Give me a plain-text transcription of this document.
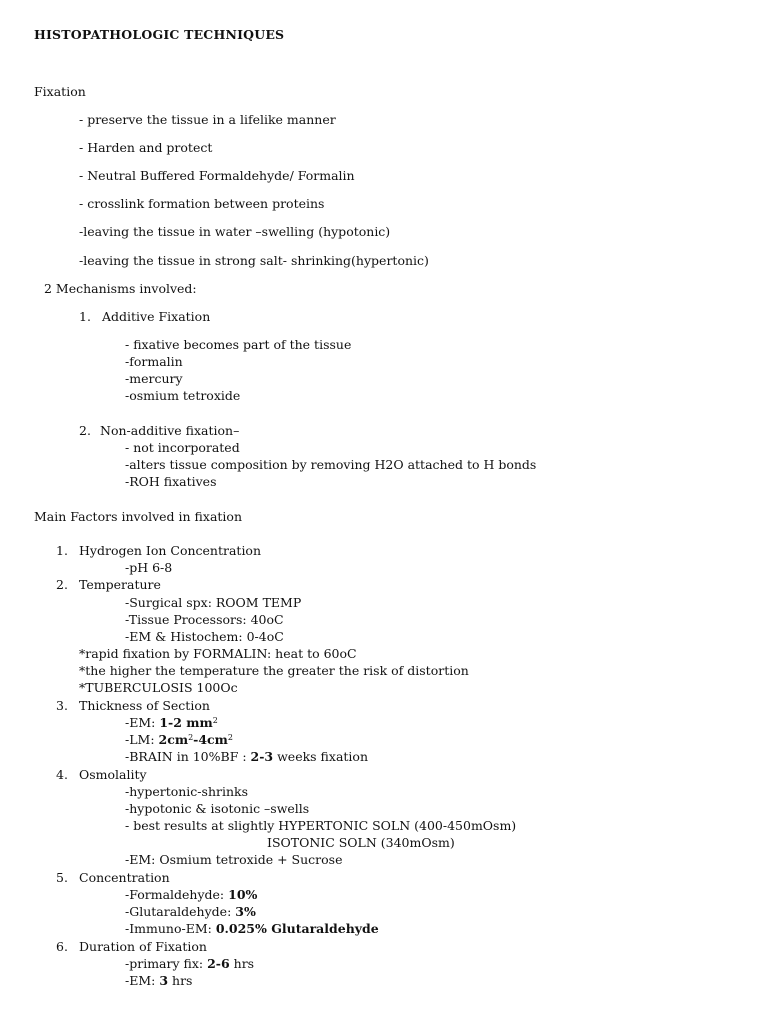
HISTOPATHOLOGIC TECHNIQUES
Fixation
- preserve the tissue in a lifelike manner
- Harden and protect
- Neutral Buffered Formaldehyde/ Formalin
- crosslink formation between proteins
-leaving the tissue in water –swelling (hypotonic)
-leaving the tissue in strong salt- shrinking(hypertonic)
2 Mechanisms involved:
1. Additive Fixation
- fixative becomes part of the tissue
-formalin
-mercury
-osmium tetroxide
2. Non-additive fixation–
- not incorporated
-alters tissue composition by removing H2O attached to H bonds
-ROH fixatives
Main Factors involved in fixation
1. Hydrogen Ion Concentration
-pH 6-8
2. Temperature
-Surgical spx: ROOM TEMP
-Tissue Processors: 40oC
-EM & Histochem: 0-4oC
*rapid fixation by FORMALIN: heat to 60oC
*the higher the temperature the greater the risk of distortion
*TUBERCULOSIS 100Oc
3. Thickness of Section
-EM: 1-2 $mm^2$
-LM: $2cm^2-4cm^2$
-BRAIN in 10%BF : 2-3 weeks fixation
4. Osmolality
-hypertonic-shrinks
-hypotonic & isotonic –swells
- best results at slightly HYPERTONIC SOLN (400-450mOsm)
ISOTONIC SOLN (340mOsm)
-EM: Osmium tetroxide + Sucrose
5. Concentration
-Formaldehyde: 10%
-Glutaraldehyde: 3%
-Immuno-EM: 0.025% Glutaraldehyde
6. Duration of Fixation
-primary fix: 2-6 hrs
-EM: 3 hrs
